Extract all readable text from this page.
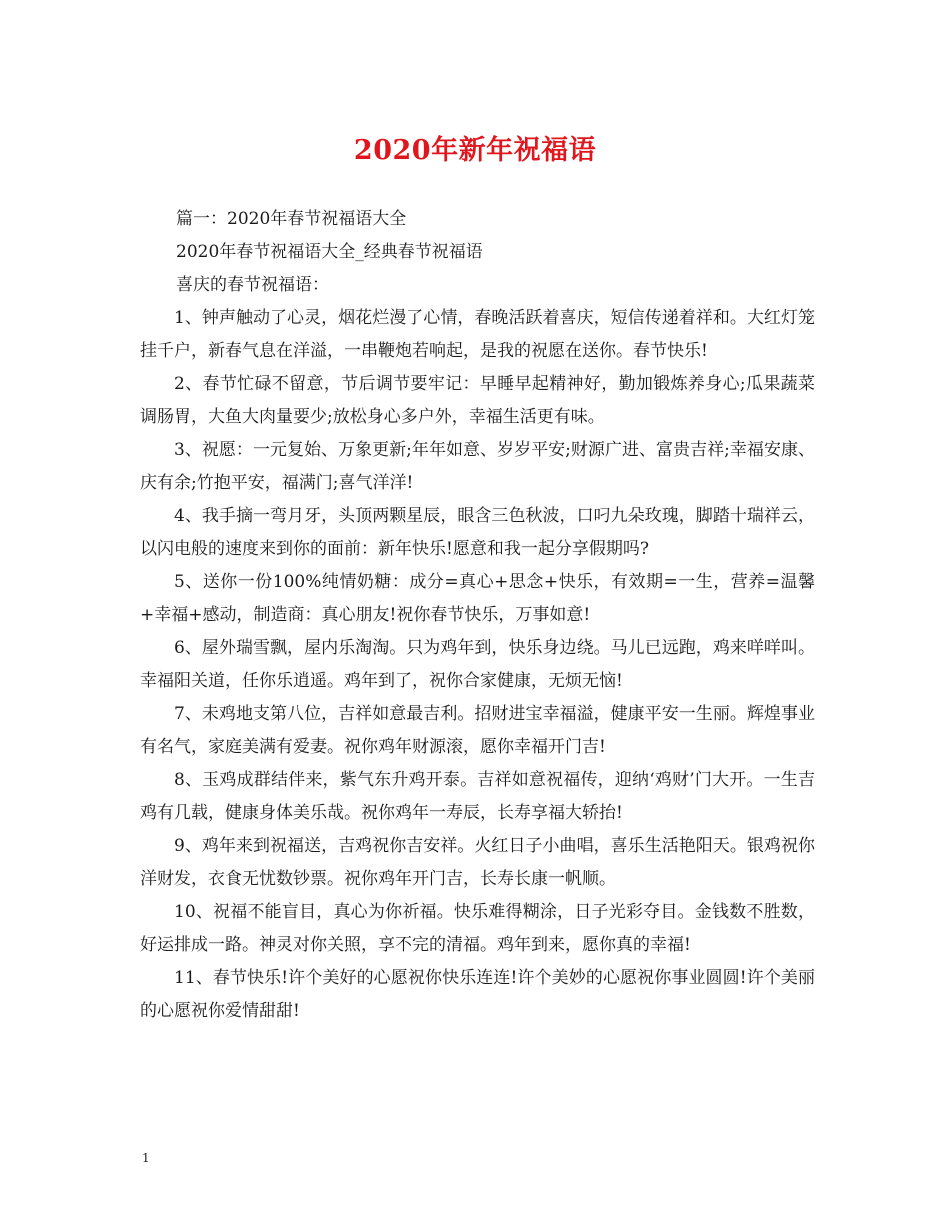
2020年新年祝福语

篇一：2020年春节祝福语大全

2020年春节祝福语大全_经典春节祝福语

喜庆的春节祝福语：

1、钟声触动了心灵，烟花烂漫了心情，春晚活跃着喜庆，短信传递着祥和。大红灯笼挂千户，新春气息在洋溢，一串鞭炮若响起，是我的祝愿在送你。春节快乐!

2、春节忙碌不留意，节后调节要牢记：早睡早起精神好，勤加锻炼养身心;瓜果蔬菜调肠胃，大鱼大肉量要少;放松身心多户外，幸福生活更有味。

3、祝愿：一元复始、万象更新;年年如意、岁岁平安;财源广进、富贵吉祥;幸福安康、庆有余;竹抱平安，福满门;喜气洋洋!

4、我手摘一弯月牙，头顶两颗星辰，眼含三色秋波，口叼九朵玫瑰，脚踏十瑞祥云，以闪电般的速度来到你的面前：新年快乐!愿意和我一起分享假期吗?

5、送你一份100%纯情奶糖：成分=真心+思念+快乐，有效期=一生，营养=温馨+幸福+感动，制造商：真心朋友!祝你春节快乐，万事如意!

6、屋外瑞雪飘，屋内乐淘淘。只为鸡年到，快乐身边绕。马儿已远跑，鸡来咩咩叫。幸福阳关道，任你乐逍遥。鸡年到了，祝你合家健康，无烦无恼!

7、未鸡地支第八位，吉祥如意最吉利。招财进宝幸福溢，健康平安一生丽。辉煌事业有名气，家庭美满有爱妻。祝你鸡年财源滚，愿你幸福开门吉!

8、玉鸡成群结伴来，紫气东升鸡开泰。吉祥如意祝福传，迎纳‘鸡财’门大开。一生吉鸡有几载，健康身体美乐哉。祝你鸡年一寿辰，长寿享福大轿抬!

9、鸡年来到祝福送，吉鸡祝你吉安祥。火红日子小曲唱，喜乐生活艳阳天。银鸡祝你洋财发，衣食无忧数钞票。祝你鸡年开门吉，长寿长康一帆顺。

10、祝福不能盲目，真心为你祈福。快乐难得糊涂，日子光彩夺目。金钱数不胜数，好运排成一路。神灵对你关照，享不完的清福。鸡年到来，愿你真的幸福!

11、春节快乐!许个美好的心愿祝你快乐连连!许个美妙的心愿祝你事业圆圆!许个美丽的心愿祝你爱情甜甜!

1
